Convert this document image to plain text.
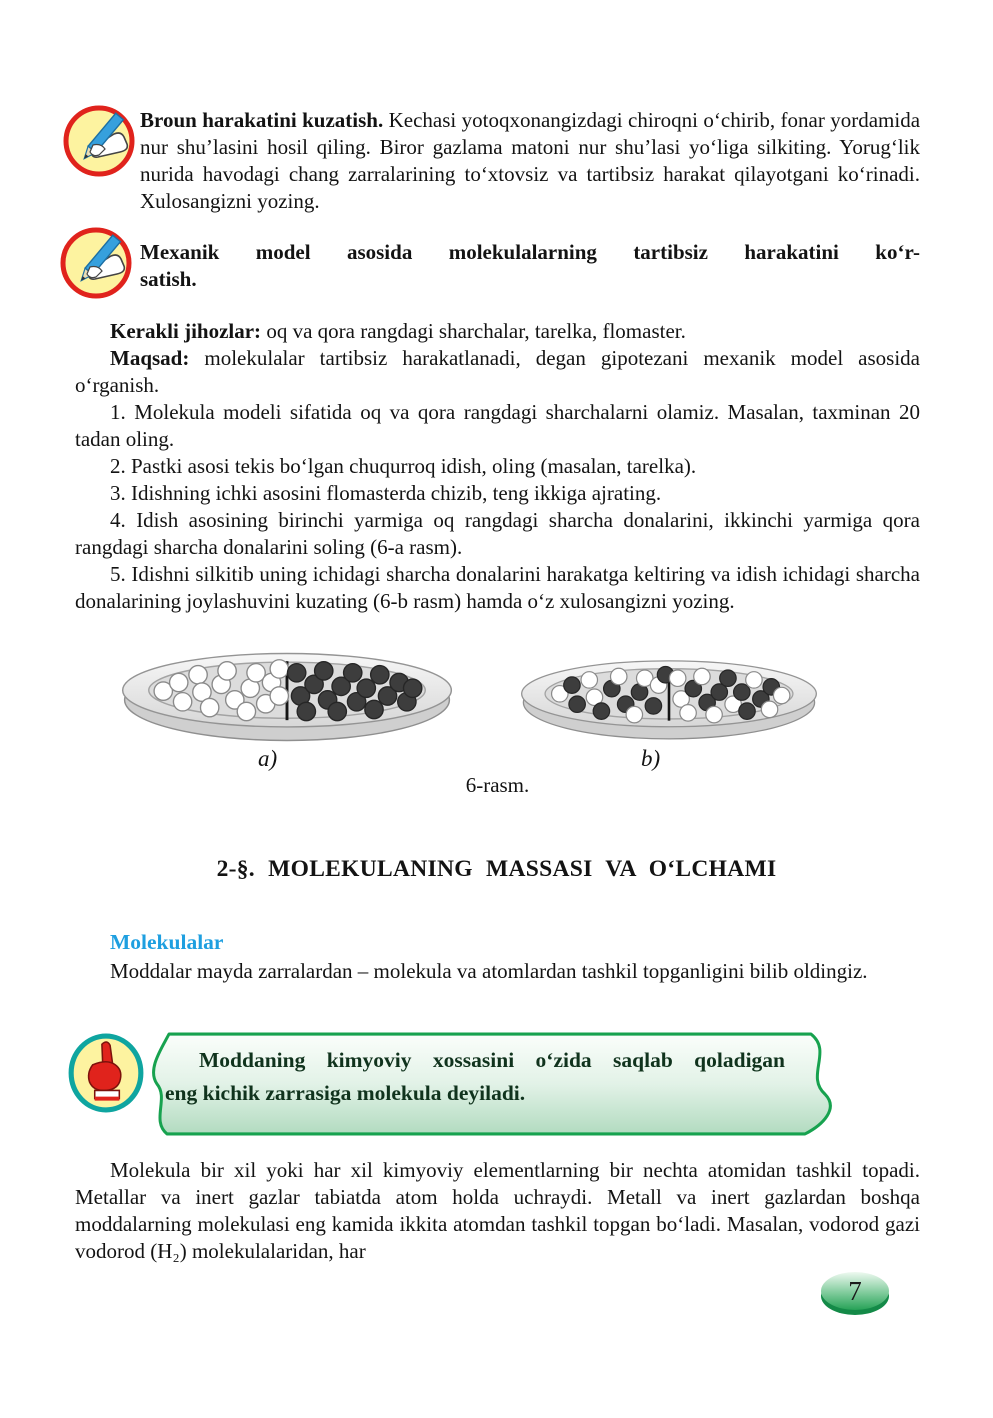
Broun harakatini kuzatish. Kechasi yotoqxonangizdagi chiroqni oʻchirib, fonar yordamida nur shu’lasini hosil qiling. Biror gazlama matoni nur shu’lasi yoʻliga silkiting. Yorugʻlik nurida havodagi chang zarralarining toʻxtovsiz va tartibsiz harakat qilayotgani koʻrinadi. Xulosangizni yozing.
Mexanik model asosida molekulalarning tartibsiz harakatini koʻr-
satish.

Kerakli jihozlar: oq va qora rangdagi sharchalar, tarelka, flomaster.

Maqsad: molekulalar tartibsiz harakatlanadi, degan gipotezani mexanik model asosida oʻrganish.

1. Molekula modeli sifatida oq va qora rangdagi sharchalarni olamiz. Masalan, taxminan 20 tadan oling.

2. Pastki asosi tekis boʻlgan chuqurroq idish, oling (masalan, tarelka).

3. Idishning ichki asosini flomasterda chizib, teng ikkiga ajrating.

4. Idish asosining birinchi yarmiga oq rangdagi sharcha donalarini, ikkinchi yarmiga qora rangdagi sharcha donalarini soling (6-a rasm).

5. Idishni silkitib uning ichidagi sharcha donalarini harakatga keltiring va idish ichidagi sharcha donalarining joylashuvini kuzating (6-b rasm) hamda oʻz xulosangizni yozing.

a)	b)
6-rasm.
2-§. MOLEKULANING MASSASI VA OʻLCHAMI
Molekulalar
Moddalar mayda zarralardan – molekula va atomlardan tashkil topganligini bilib oldingiz.
Moddaning kimyoviy xossasini oʻzida saqlab qoladigan
eng kichik zarrasiga molekula deyiladi.
Molekula bir xil yoki har xil kimyoviy elementlarning bir nechta atomidan tashkil topadi. Metallar va inert gazlar tabiatda atom holda uchraydi. Metall va inert gazlardan boshqa moddalarning molekulasi eng kamida ikkita atomdan tashkil topgan boʻladi. Masalan, vodorod gazi vodorod (H₂) molekulalaridan, har
7
